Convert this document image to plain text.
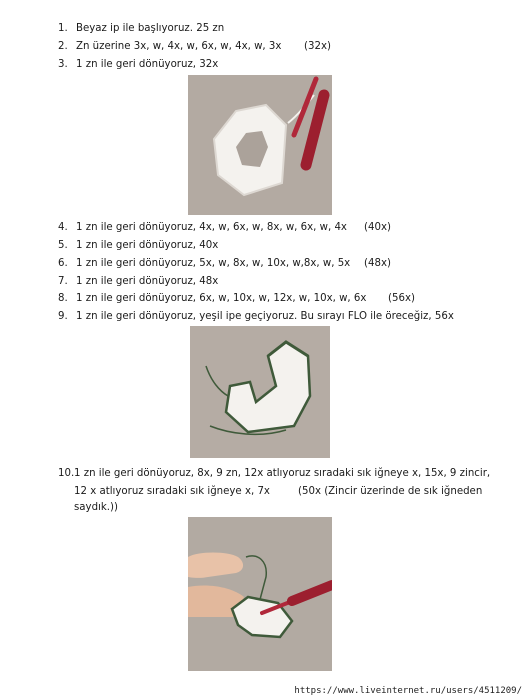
1. Beyaz ip ile başlıyoruz. 25 zn
2. Zn üzerine 3x, w, 4x, w, 6x, w, 4x, w, 3x (32x)
3. 1 zn ile geri dönüyoruz, 32x
4. 1 zn ile geri dönüyoruz, 4x, w, 6x, w, 8x, w, 6x, w, 4x (40x)
5. 1 zn ile geri dönüyoruz, 40x
6. 1 zn ile geri dönüyoruz, 5x, w, 8x, w, 10x, w,8x, w, 5x (48x)
7. 1 zn ile geri dönüyoruz, 48x
8. 1 zn ile geri dönüyoruz, 6x, w, 10x, w, 12x, w, 10x, w, 6x (56x)
9. 1 zn ile geri dönüyoruz, yeşil ipe geçiyoruz. Bu sırayı FLO ile öreceğiz, 56x
10. 1 zn ile geri dönüyoruz, 8x, 9 zn, 12x atlıyoruz sıradaki sık iğneye x, 15x, 9 zincir,
12 x atlıyoruz sıradaki sık iğneye x, 7x	(50x (Zincir üzerinde de sık iğneden
saydık.))
https://www.liveinternet.ru/users/4511209/
